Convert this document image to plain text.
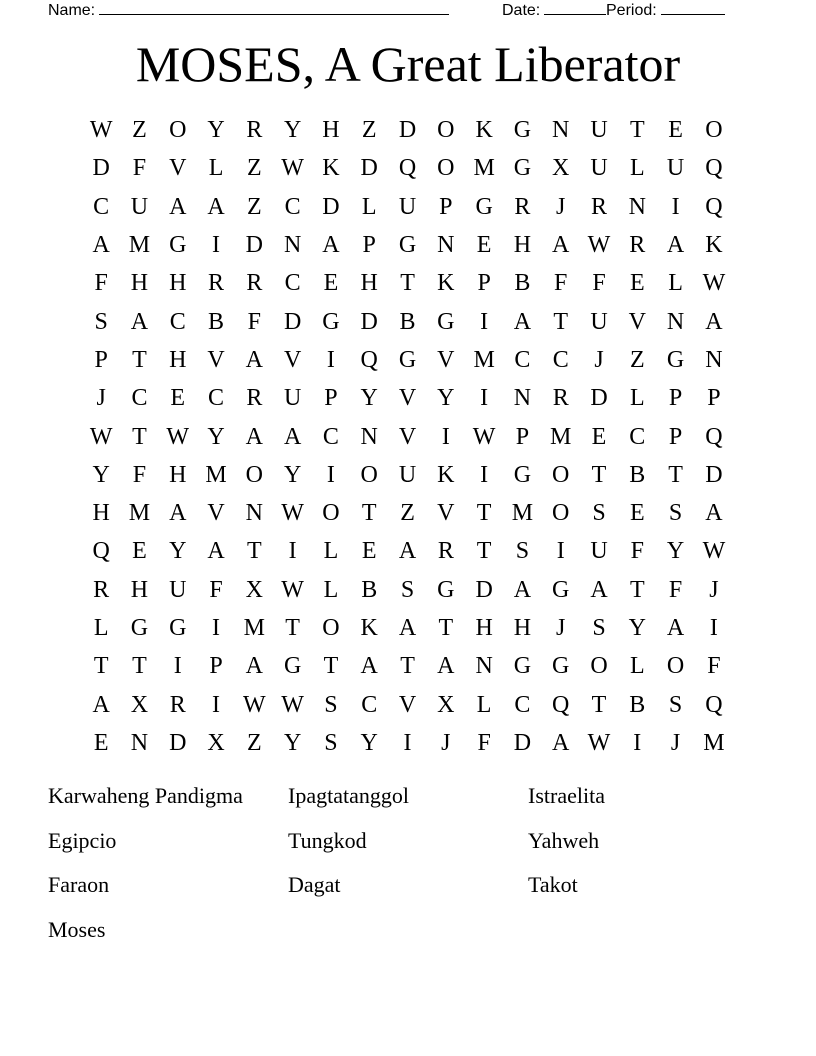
Name:	Date:	Period:
MOSES, A Great Liberator
W Z O Y R Y H Z D O K G N U T E O
D F V L Z W K D Q O M G X U L U Q
C U A A Z C D L U P G R	J	R N	I	Q
A M G	I	D N A P G N E H A W R A K
F H H R R C E H T K P B F	F	E L W
S A C B F D G D B G	I	A T U V N A
P	T H V A V	I	Q G V M C C	J	Z G N
J	C E C R U P Y V Y	I	N R D L	P	P
W T W Y A A C N V	I W P M E C P Q
Y F H M O Y	I	O U K	I	G O T B T D
H M A V N W O T Z V T M O S	E	S A
Q E Y A T	I	L E A R T	S	I	U F Y W
R H U F X W L B S G D A G A T	F	J
L G G	I M T O K A T H H	J	S Y A	I
T T	I	P A G T A T A N G G O L O F
A X R	I W W S C V X L C Q T B S Q
E N D X Z Y S Y	I	J	F D A W I	J M
Karwaheng Pandigma	Ipagtatanggol	Istraelita
Egipcio	Tungkod	Yahweh
Faraon	Dagat	Takot
Moses
